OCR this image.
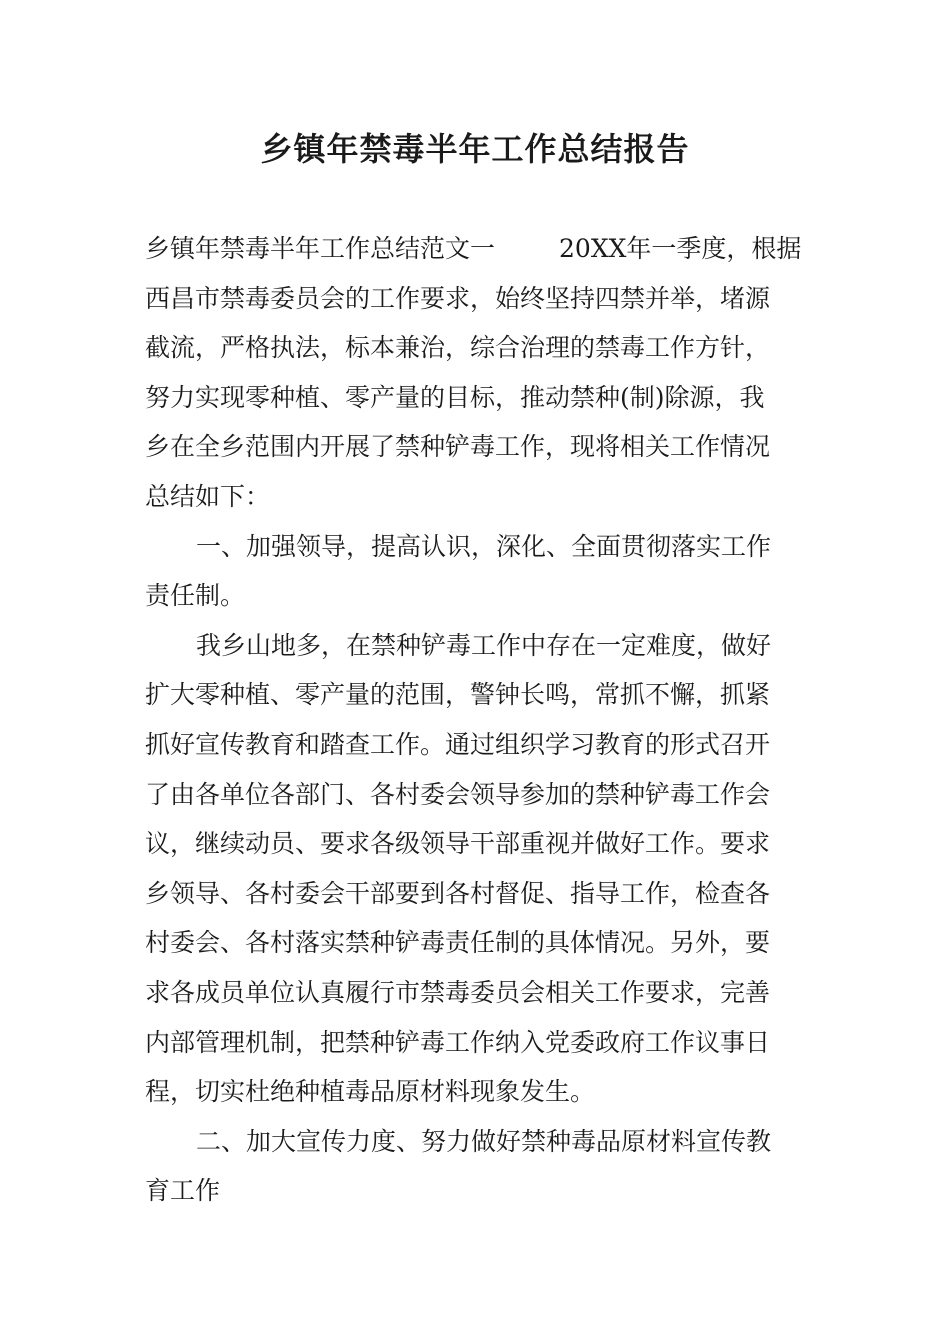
乡镇年禁毒半年工作总结报告
乡镇年禁毒半年工作总结范文一	20XX年一季度，根据
西昌市禁毒委员会的工作要求，始终坚持四禁并举，堵源
截流，严格执法，标本兼治，综合治理的禁毒工作方针，
努力实现零种植、零产量的目标，推动禁种(制)除源，我
乡在全乡范围内开展了禁种铲毒工作，现将相关工作情况
总结如下：
一、加强领导，提高认识，深化、全面贯彻落实工作
责任制。
我乡山地多，在禁种铲毒工作中存在一定难度，做好
扩大零种植、零产量的范围，警钟长鸣，常抓不懈，抓紧
抓好宣传教育和踏查工作。通过组织学习教育的形式召开
了由各单位各部门、各村委会领导参加的禁种铲毒工作会
议，继续动员、要求各级领导干部重视并做好工作。要求
乡领导、各村委会干部要到各村督促、指导工作，检查各
村委会、各村落实禁种铲毒责任制的具体情况。另外，要
求各成员单位认真履行市禁毒委员会相关工作要求，完善
内部管理机制，把禁种铲毒工作纳入党委政府工作议事日
程，切实杜绝种植毒品原材料现象发生。
二、加大宣传力度、努力做好禁种毒品原材料宣传教
育工作
